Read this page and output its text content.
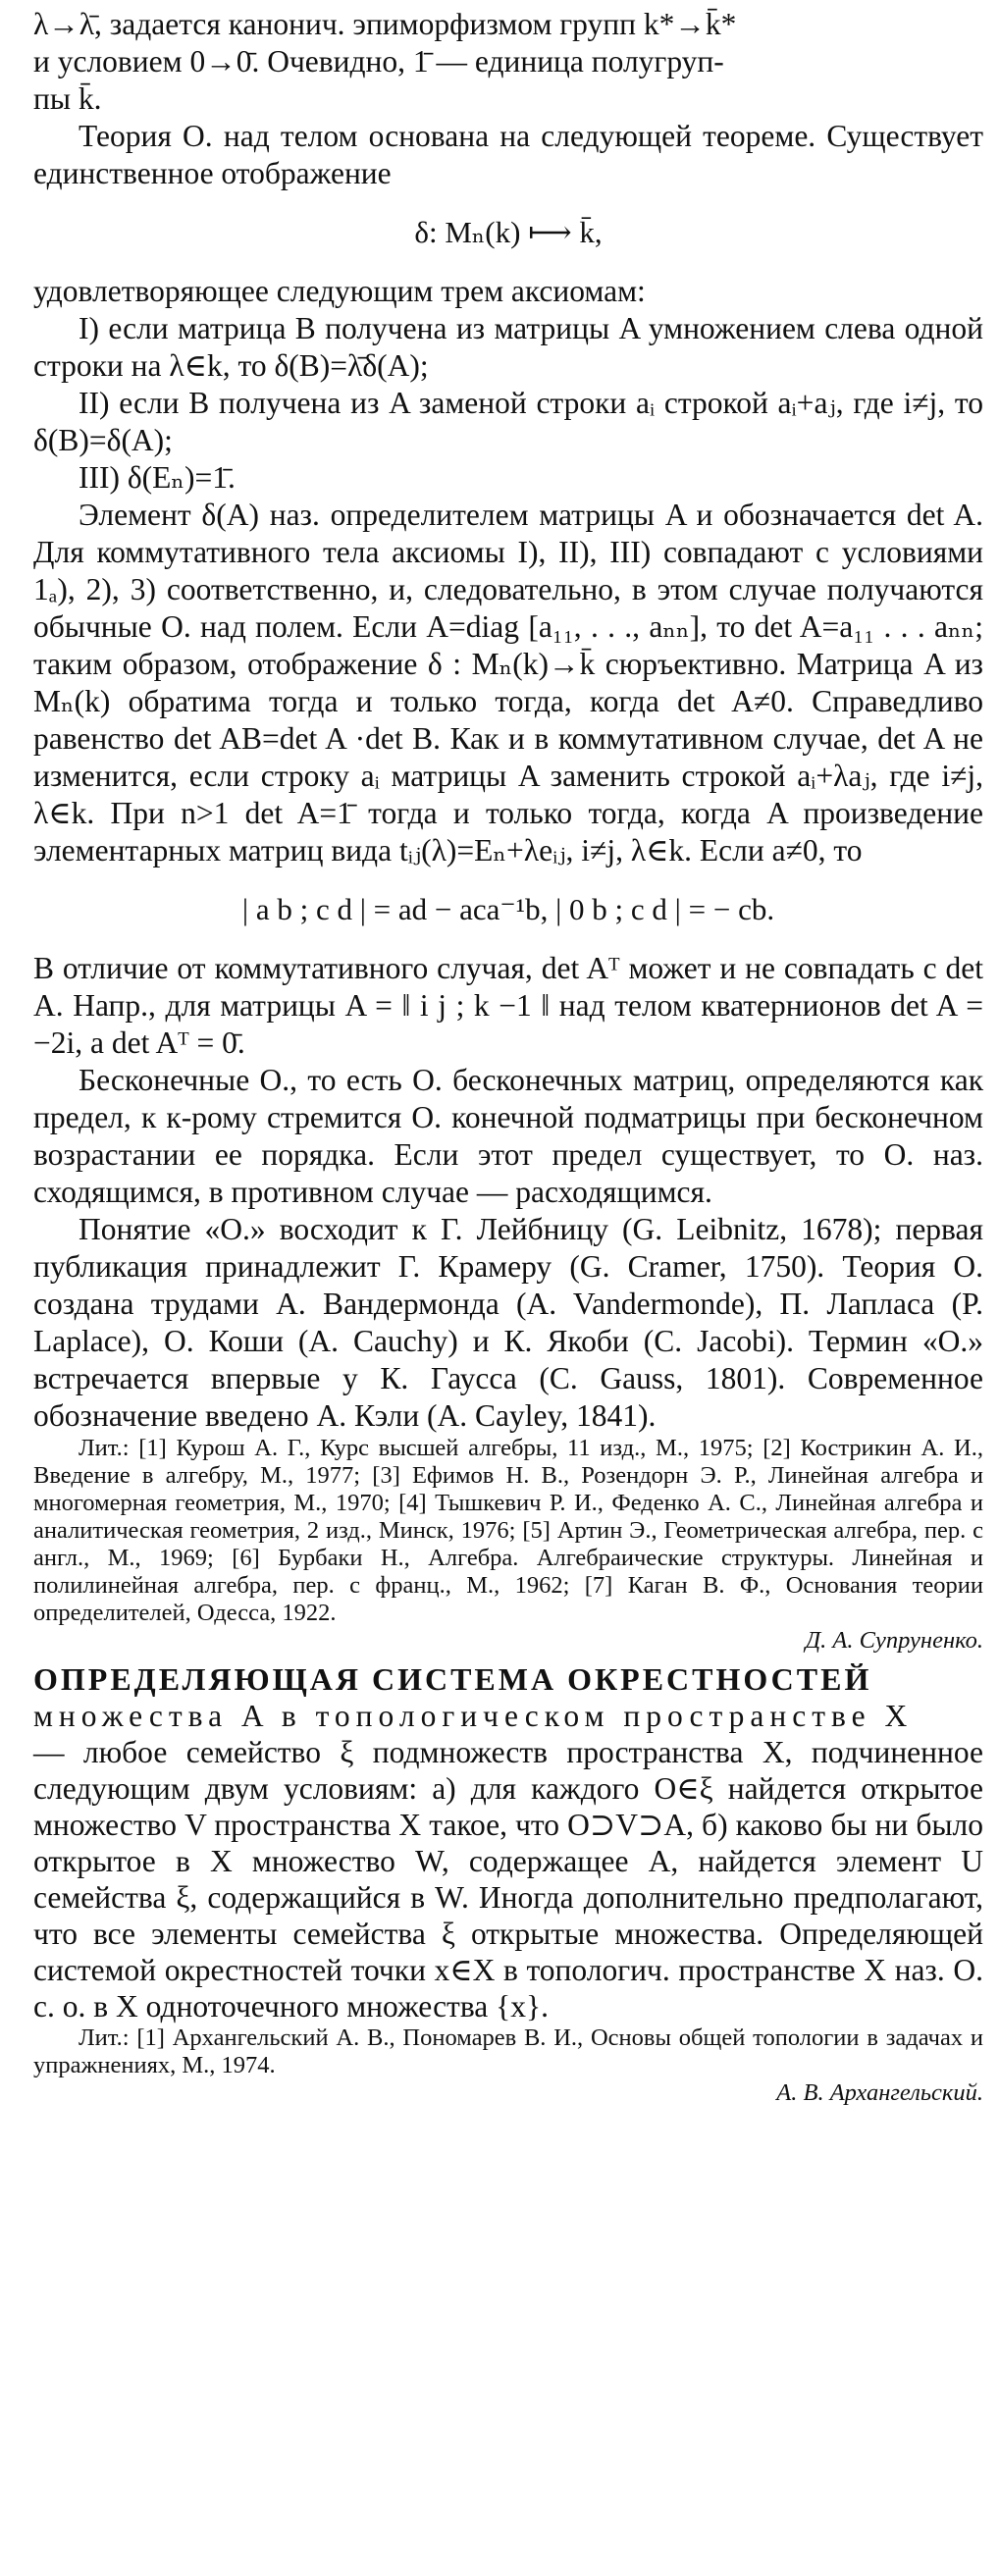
λ→λ̄, задается канонич. эпиморфизмом групп k*→k̄*

и условием 0→0̄. Очевидно, 1̄ — единица полугруп-

пы k̄.

Теория О. над телом основана на следующей теореме. Существует единственное отображение

δ: Mₙ(k) ⟼ k̄,

удовлетворяющее следующим трем аксиомам:

I) если матрица B получена из матрицы A умножением слева одной строки на λ∈k, то δ(B)=λ̄δ(A);

II) если B получена из A заменой строки aᵢ строкой aᵢ+aⱼ, где i≠j, то δ(B)=δ(A);

III) δ(Eₙ)=1̄.

Элемент δ(A) наз. определителем матрицы A и обозначается det A. Для коммутативного тела аксиомы I), II), III) совпадают с условиями 1ₐ), 2), 3) соответственно, и, следовательно, в этом случае получаются обычные О. над полем. Если A=diag [a₁₁, . . ., aₙₙ], то det A=a₁₁ . . . aₙₙ; таким образом, отображение δ : Mₙ(k)→k̄ сюръективно. Матрица A из Mₙ(k) обратима тогда и только тогда, когда det A≠0. Справедливо равенство det AB=det A ·det B. Как и в коммутативном случае, det A не изменится, если строку aᵢ матрицы A заменить строкой aᵢ+λaⱼ, где i≠j, λ∈k. При n>1 det A=1̄ тогда и только тогда, когда A произведение элементарных матриц вида tᵢⱼ(λ)=Eₙ+λeᵢⱼ, i≠j, λ∈k. Если a≠0, то

| a b ; c d | = ad − aca⁻¹b, | 0 b ; c d | = − cb.

В отличие от коммутативного случая, det Aᵀ может и не совпадать с det A. Напр., для матрицы A = ‖ i j ; k −1 ‖ над телом кватернионов det A = −2i, a det Aᵀ = 0̄.

Бесконечные О., то есть О. бесконечных матриц, определяются как предел, к к-рому стремится О. конечной подматрицы при бесконечном возрастании ее порядка. Если этот предел существует, то О. наз. сходящимся, в противном случае — расходящимся.

Понятие «О.» восходит к Г. Лейбницу (G. Leibnitz, 1678); первая публикация принадлежит Г. Крамеру (G. Cramer, 1750). Теория О. создана трудами А. Вандермонда (A. Vandermonde), П. Лапласа (P. Laplace), О. Коши (A. Cauchy) и К. Якоби (C. Jacobi). Термин «О.» встречается впервые у К. Гаусса (C. Gauss, 1801). Современное обозначение введено А. Кэли (A. Cayley, 1841).

Лит.: [1] Курош А. Г., Курс высшей алгебры, 11 изд., М., 1975; [2] Кострикин А. И., Введение в алгебру, М., 1977; [3] Ефимов Н. В., Розендорн Э. Р., Линейная алгебра и многомерная геометрия, М., 1970; [4] Тышкевич Р. И., Феденко А. С., Линейная алгебра и аналитическая геометрия, 2 изд., Минск, 1976; [5] Артин Э., Геометрическая алгебра, пер. с англ., М., 1969; [6] Бурбаки Н., Алгебра. Алгебраические структуры. Линейная и полилинейная алгебра, пер. с франц., М., 1962; [7] Каган В. Ф., Основания теории определителей, Одесса, 1922.

Д. А. Супруненко.

ОПРЕДЕЛЯЮЩАЯ СИСТЕМА ОКРЕСТНОСТЕЙ

множества A в топологическом пространстве X

— любое семейство ξ подмножеств пространства X, подчиненное следующим двум условиям: а) для каждого O∈ξ найдется открытое множество V пространства X такое, что O⊃V⊃A, б) каково бы ни было открытое в X множество W, содержащее A, найдется элемент U семейства ξ, содержащийся в W. Иногда дополнительно предполагают, что все элементы семейства ξ открытые множества. Определяющей системой окрестностей точки x∈X в топологич. пространстве X наз. О. с. о. в X одноточечного множества {x}.

Лит.: [1] Архангельский А. В., Пономарев В. И., Основы общей топологии в задачах и упражнениях, М., 1974.

А. В. Архангельский.
